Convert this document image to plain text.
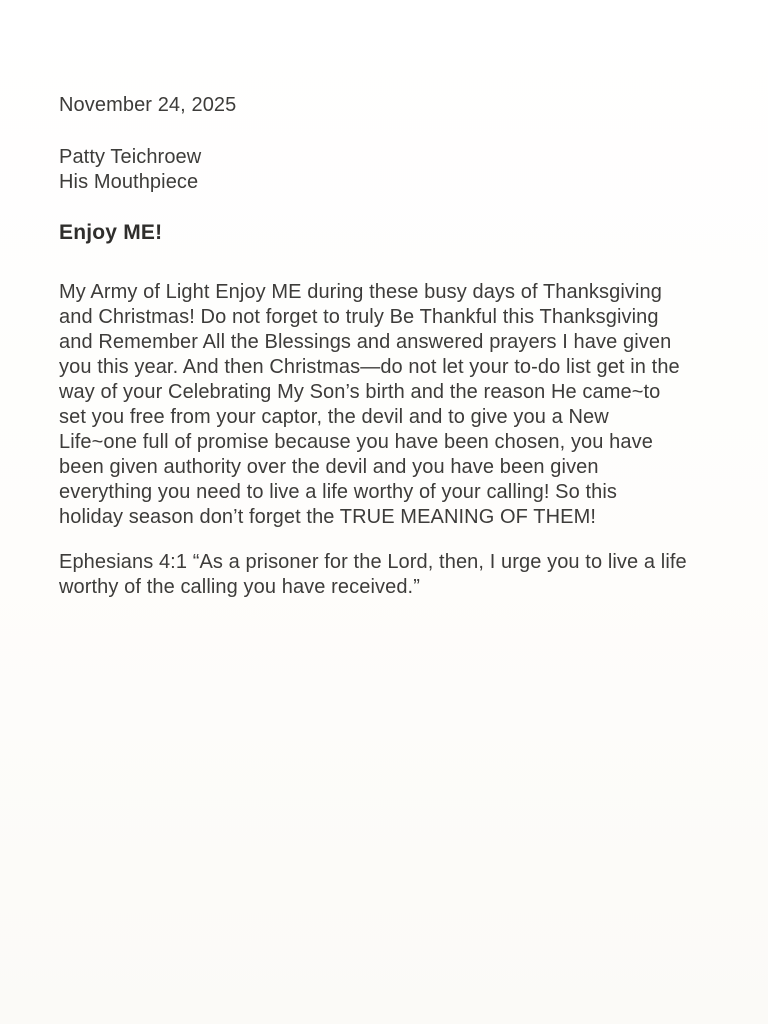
November 24, 2025
Patty Teichroew
His Mouthpiece
Enjoy ME!
My Army of Light Enjoy ME during these busy days of Thanksgiving
and Christmas! Do not forget to truly Be Thankful this Thanksgiving
and Remember All the Blessings and answered prayers I have given
you this year. And then Christmas—do not let your to-do list get in the
way of your Celebrating My Son’s birth and the reason He came~to
set you free from your captor, the devil and to give you a New
Life~one full of promise because you have been chosen, you have
been given authority over the devil and you have been given
everything you need to live a life worthy of your calling! So this
holiday season don’t forget the TRUE MEANING OF THEM!
Ephesians 4:1 “As a prisoner for the Lord, then, I urge you to live a life
worthy of the calling you have received.”
